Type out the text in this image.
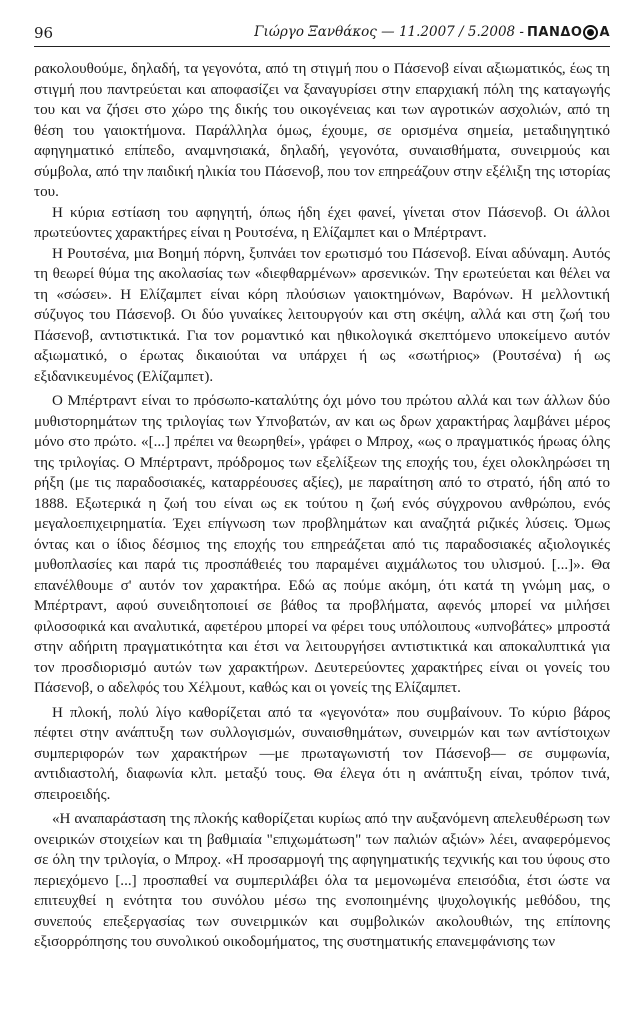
96	Γιώργο Ξανθάκος — 11.2007 / 5.2008 - ΠΑΝΔΟ Α

ρακολουθούμε, δηλαδή, τα γεγονότα, από τη στιγμή που ο Πάσενοβ είναι αξιωματικός, έως τη στιγμή που παντρεύεται και αποφασίζει να ξαναγυρίσει στην επαρχιακή πόλη της καταγωγής του και να ζήσει στο χώρο της δικής του οικογένειας και των αγροτικών ασχολιών, από τη θέση του γαιοκτήμονα. Παράλληλα όμως, έχουμε, σε ορισμένα σημεία, μεταδιηγητικό αφηγηματικό επίπεδο, αναμνησιακά, δηλαδή, γεγονότα, συναισθήματα, συνειρμούς και σύμβολα, από την παιδική ηλικία του Πάσενοβ, που τον επηρεάζουν στην εξέλιξη της ιστορίας του.

Η κύρια εστίαση του αφηγητή, όπως ήδη έχει φανεί, γίνεται στον Πάσενοβ. Οι άλλοι πρωτεύοντες χαρακτήρες είναι η Ρουτσένα, η Ελίζαμπετ και ο Μπέρτραντ.

Η Ρουτσένα, μια Βοημή πόρνη, ξυπνάει τον ερωτισμό του Πάσενοβ. Είναι αδύναμη. Αυτός τη θεωρεί θύμα της ακολασίας των «διεφθαρμένων» αρσενικών. Την ερωτεύεται και θέλει να τη «σώσει». Η Ελίζαμπετ είναι κόρη πλούσιων γαιοκτημόνων, Βαρόνων. Η μελλοντική σύζυγος του Πάσενοβ. Οι δύο γυναίκες λειτουργούν και στη σκέψη, αλλά και στη ζωή του Πάσενοβ, αντιστικτικά. Για τον ρομαντικό και ηθικολογικά σκεπτόμενο υποκείμενο αυτόν αξιωματικό, ο έρωτας δικαιούται να υπάρχει ή ως «σωτήριος» (Ρουτσένα) ή ως εξιδανικευμένος (Ελίζαμπετ).

Ο Μπέρτραντ είναι το πρόσωπο-καταλύτης όχι μόνο του πρώτου αλλά και των άλλων δύο μυθιστορημάτων της τριλογίας των Υπνοβατών, αν και ως δρων χαρακτήρας λαμβάνει μέρος μόνο στο πρώτο. «[...] πρέπει να θεωρηθεί», γράφει ο Μπροχ, «ως ο πραγματικός ήρωας όλης της τριλογίας. Ο Μπέρτραντ, πρόδρομος των εξελίξεων της εποχής του, έχει ολοκληρώσει τη ρήξη (με τις παραδοσιακές, καταρρέουσες αξίες), με παραίτηση από το στρατό, ήδη από το 1888. Εξωτερικά η ζωή του είναι ως εκ τούτου η ζωή ενός σύγχρονου ανθρώπου, ενός μεγαλοεπιχειρηματία. Έχει επίγνωση των προβλημάτων και αναζητά ριζικές λύσεις. Όμως όντας και ο ίδιος δέσμιος της εποχής του επηρεάζεται από τις παραδοσιακές αξιολογικές μυθοπλασίες και παρά τις προσπάθειές του παραμένει αιχμάλωτος του υλισμού. [...]». Θα επανέλθουμε σ' αυτόν τον χαρακτήρα. Εδώ ας πούμε ακόμη, ότι κατά τη γνώμη μας, ο Μπέρτραντ, αφού συνειδητοποιεί σε βάθος τα προβλήματα, αφενός μπορεί να μιλήσει φιλοσοφικά και αναλυτικά, αφετέρου μπορεί να φέρει τους υπόλοιπους «υπνοβάτες» μπροστά στην αδήριτη πραγματικότητα και έτσι να λειτουργήσει αντιστικτικά και αποκαλυπτικά για τον προσδιορισμό αυτών των χαρακτήρων. Δευτερεύοντες χαρακτήρες είναι οι γονείς του Πάσενοβ, ο αδελφός του Χέλμουτ, καθώς και οι γονείς της Ελίζαμπετ.

Η πλοκή, πολύ λίγο καθορίζεται από τα «γεγονότα» που συμβαίνουν. Το κύριο βάρος πέφτει στην ανάπτυξη των συλλογισμών, συναισθημάτων, συνειρμών και των αντίστοιχων συμπεριφορών των χαρακτήρων —με πρωταγωνιστή τον Πάσενοβ— σε συμφωνία, αντιδιαστολή, διαφωνία κλπ. μεταξύ τους. Θα έλεγα ότι η ανάπτυξη είναι, τρόπον τινά, σπειροειδής.

«Η αναπαράσταση της πλοκής καθορίζεται κυρίως από την αυξανόμενη απελευθέρωση των ονειρικών στοιχείων και τη βαθμιαία "επιχωμάτωση" των παλιών αξιών» λέει, αναφερόμενος σε όλη την τριλογία, ο Μπροχ. «Η προσαρμογή της αφηγηματικής τεχνικής και του ύφους στο περιεχόμενο [...] προσπαθεί να συμπεριλάβει όλα τα μεμονωμένα επεισόδια, έτσι ώστε να επιτευχθεί η ενότητα του συνόλου μέσω της ενοποιημένης ψυχολογικής μεθόδου, της συνεπούς επεξεργασίας των συνειρμικών και συμβολικών ακολουθιών, της επίπονης εξισορρόπησης του συνολικού οικοδομήματος, της συστηματικής επανεμφάνισης των
